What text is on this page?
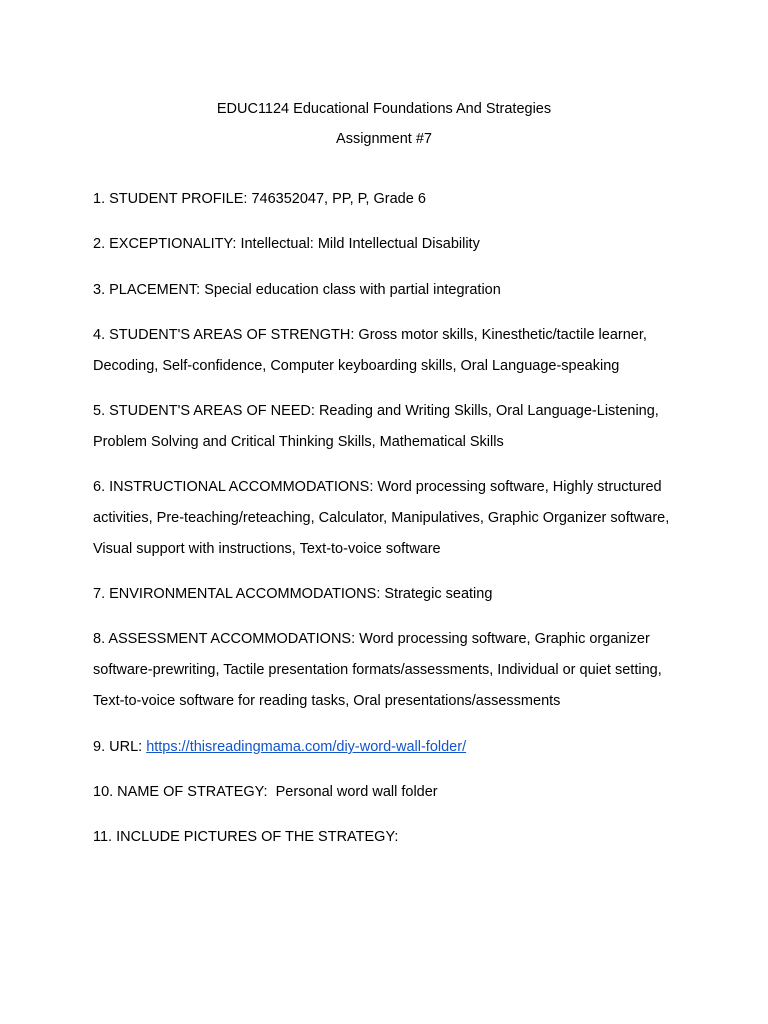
EDUC1124 Educational Foundations And Strategies
Assignment #7
1. STUDENT PROFILE: 746352047, PP, P, Grade 6
2. EXCEPTIONALITY: Intellectual: Mild Intellectual Disability
3. PLACEMENT: Special education class with partial integration
4. STUDENT'S AREAS OF STRENGTH: Gross motor skills, Kinesthetic/tactile learner,
Decoding, Self-confidence, Computer keyboarding skills, Oral Language-speaking
5. STUDENT'S AREAS OF NEED: Reading and Writing Skills, Oral Language-Listening,
Problem Solving and Critical Thinking Skills, Mathematical Skills
6. INSTRUCTIONAL ACCOMMODATIONS: Word processing software, Highly structured
activities, Pre-teaching/reteaching, Calculator, Manipulatives, Graphic Organizer software,
Visual support with instructions, Text-to-voice software
7. ENVIRONMENTAL ACCOMMODATIONS: Strategic seating
8. ASSESSMENT ACCOMMODATIONS: Word processing software, Graphic organizer
software-prewriting, Tactile presentation formats/assessments, Individual or quiet setting,
Text-to-voice software for reading tasks, Oral presentations/assessments
9. URL: https://thisreadingmama.com/diy-word-wall-folder/
10. NAME OF STRATEGY:  Personal word wall folder
11. INCLUDE PICTURES OF THE STRATEGY:
